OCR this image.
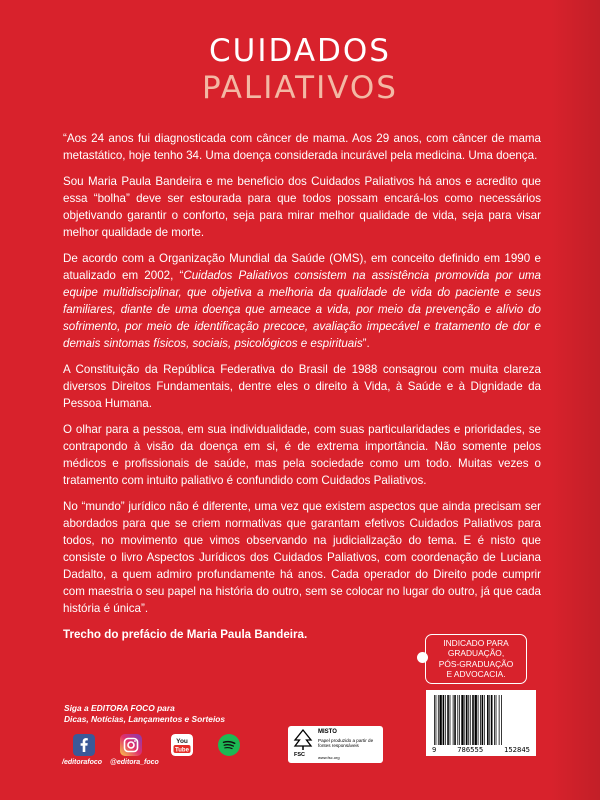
CUIDADOS
PALIATIVOS

“Aos 24 anos fui diagnosticada com câncer de mama. Aos 29 anos, com câncer de mama metastático, hoje tenho 34. Uma doença considerada incurável pela medicina. Uma doença.

Sou Maria Paula Bandeira e me beneficio dos Cuidados Paliativos há anos e acredito que essa “bolha” deve ser estourada para que todos possam encará-los como necessários objetivando garantir o conforto, seja para mirar melhor qualidade de vida, seja para visar melhor qualidade de morte.

De acordo com a Organização Mundial da Saúde (OMS), em conceito definido em 1990 e atualizado em 2002, “Cuidados Paliativos consistem na assistência promovida por uma equipe multidisciplinar, que objetiva a melhoria da qualidade de vida do paciente e seus familiares, diante de uma doença que ameace a vida, por meio da prevenção e alívio do sofrimento, por meio de identificação precoce, avaliação impecável e tratamento de dor e demais sintomas físicos, sociais, psicológicos e espirituais”.

A Constituição da República Federativa do Brasil de 1988 consagrou com muita clareza diversos Direitos Fundamentais, dentre eles o direito à Vida, à Saúde e à Dignidade da Pessoa Humana.

O olhar para a pessoa, em sua individualidade, com suas particularidades e prioridades, se contrapondo à visão da doença em si, é de extrema importância. Não somente pelos médicos e profissionais de saúde, mas pela sociedade como um todo. Muitas vezes o tratamento com intuito paliativo é confundido com Cuidados Paliativos.

No “mundo” jurídico não é diferente, uma vez que existem aspectos que ainda precisam ser abordados para que se criem normativas que garantam efetivos Cuidados Paliativos para todos, no movimento que vimos observando na judicialização do tema. E é nisto que consiste o livro Aspectos Jurídicos dos Cuidados Paliativos, com coordenação de Luciana Dadalto, a quem admiro profundamente há anos. Cada operador do Direito pode cumprir com maestria o seu papel na história do outro, sem se colocar no lugar do outro, já que cada história é única”.

Trecho do prefácio de Maria Paula Bandeira.

INDICADO PARA
GRADUAÇÃO,
PÓS-GRADUAÇÃO
E ADVOCACIA.
9	786555	152845
Siga a EDITORA FOCO para
Dicas, Notícias, Lançamentos e Sorteios
/editorafoco @editora_foco
You
Tube
FSC
MISTO
Papel produzido a partir de fontes responsáveis
www.fsc.org
